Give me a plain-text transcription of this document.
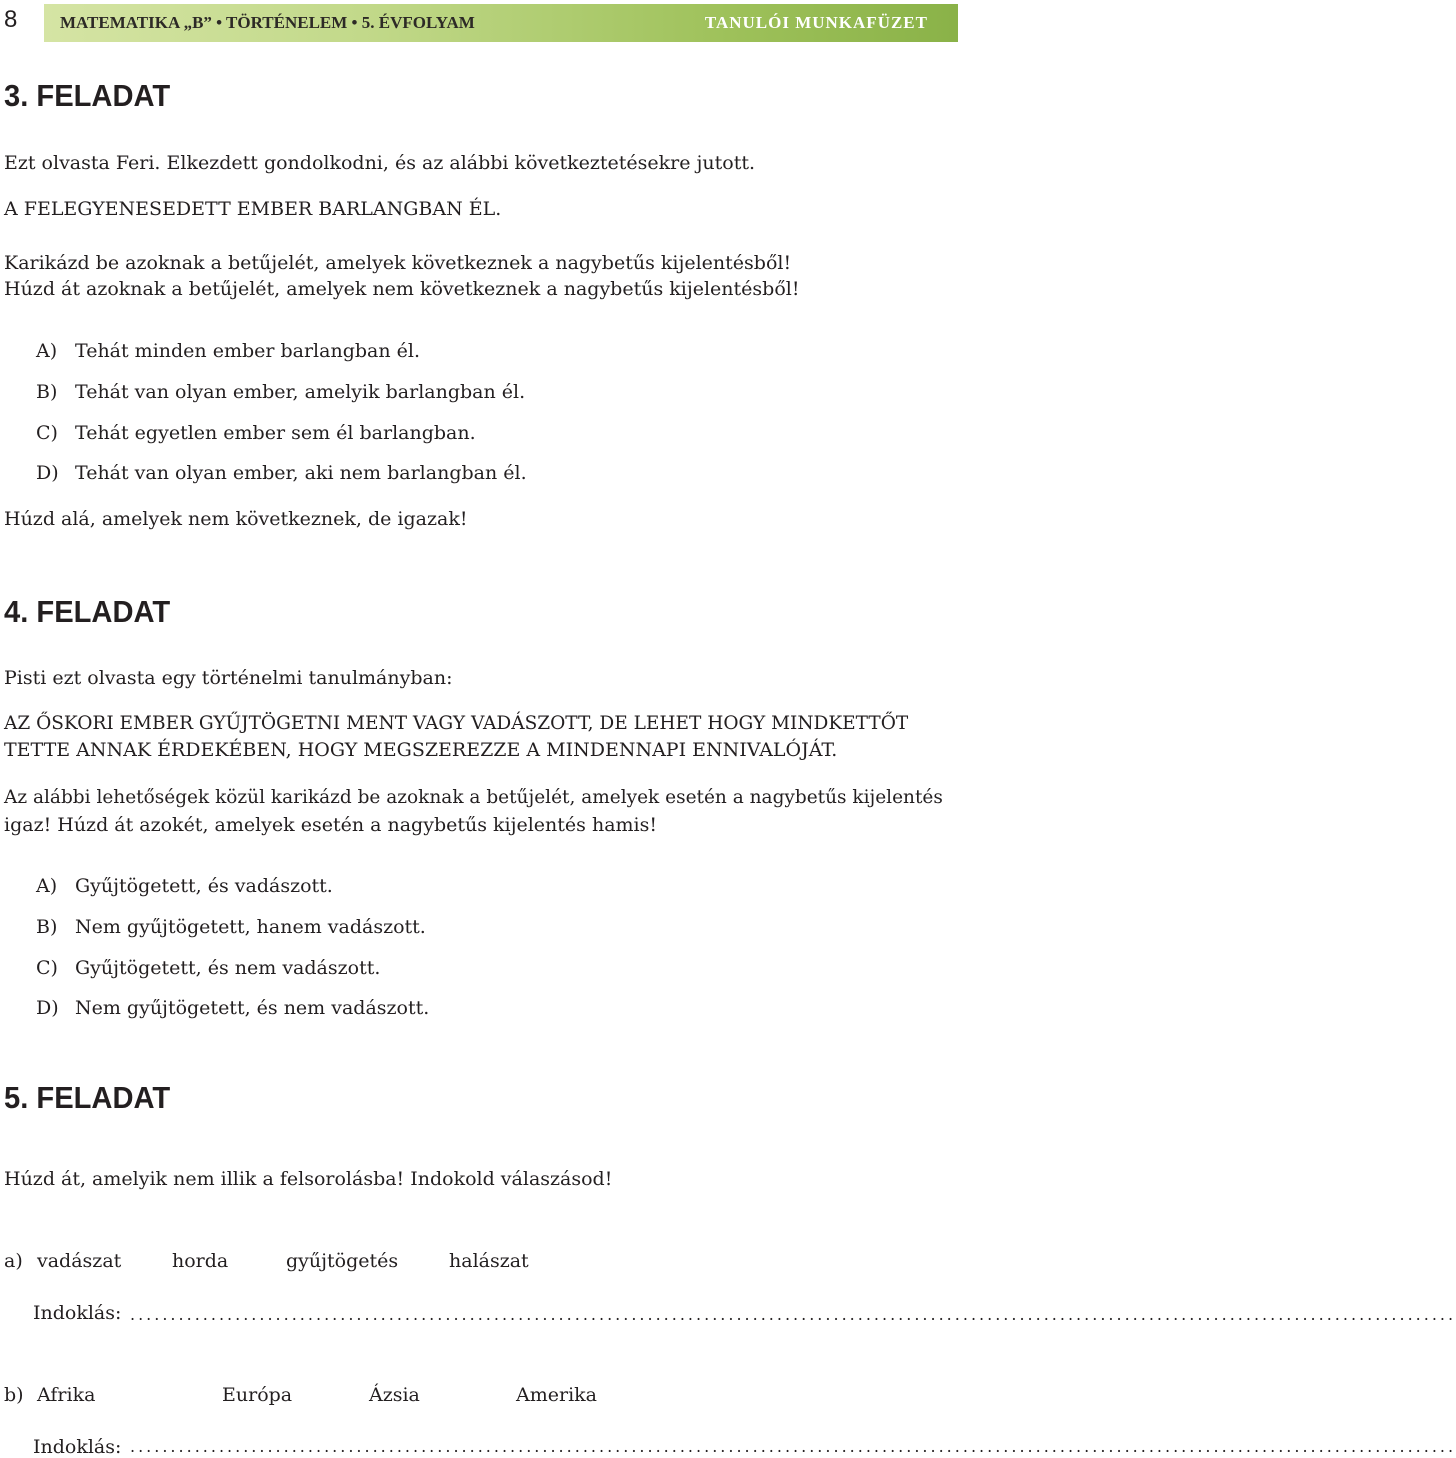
8	MATEMATIKA „B” • TÖRTÉNELEM • 5. ÉVFOLYAM	TANULÓI MUNKAFÜZET
3. FELADAT
Ezt olvasta Feri. Elkezdett gondolkodni, és az alábbi következtetésekre jutott.
A FELEGYENESEDETT EMBER BARLANGBAN ÉL.
Karikázd be azoknak a betűjelét, amelyek következnek a nagybetűs kijelentésből!
Húzd át azoknak a betűjelét, amelyek nem következnek a nagybetűs kijelentésből!
A) Tehát minden ember barlangban él.
B) Tehát van olyan ember, amelyik barlangban él.
C) Tehát egyetlen ember sem él barlangban.
D) Tehát van olyan ember, aki nem barlangban él.
Húzd alá, amelyek nem következnek, de igazak!
4. FELADAT
Pisti ezt olvasta egy történelmi tanulmányban:
AZ ŐSKORI EMBER GYŰJTÖGETNI MENT VAGY VADÁSZOTT, DE LEHET HOGY MINDKETTŐT
TETTE ANNAK ÉRDEKÉBEN, HOGY MEGSZEREZZE A MINDENNAPI ENNIVALÓJÁT.
Az alábbi lehetőségek közül karikázd be azoknak a betűjelét, amelyek esetén a nagybetűs kijelentés
igaz! Húzd át azokét, amelyek esetén a nagybetűs kijelentés hamis!
A) Gyűjtögetett, és vadászott.
B) Nem gyűjtögetett, hanem vadászott.
C) Gyűjtögetett, és nem vadászott.
D) Nem gyűjtögetett, és nem vadászott.
5. FELADAT
Húzd át, amelyik nem illik a felsorolásba! Indokold válaszásod!
a) vadászat	horda	gyűjtögetés	halászat
Indoklás: ....................................................................................................................................................................
b) Afrika	Európa	Ázsia	Amerika
Indoklás: ....................................................................................................................................................................
